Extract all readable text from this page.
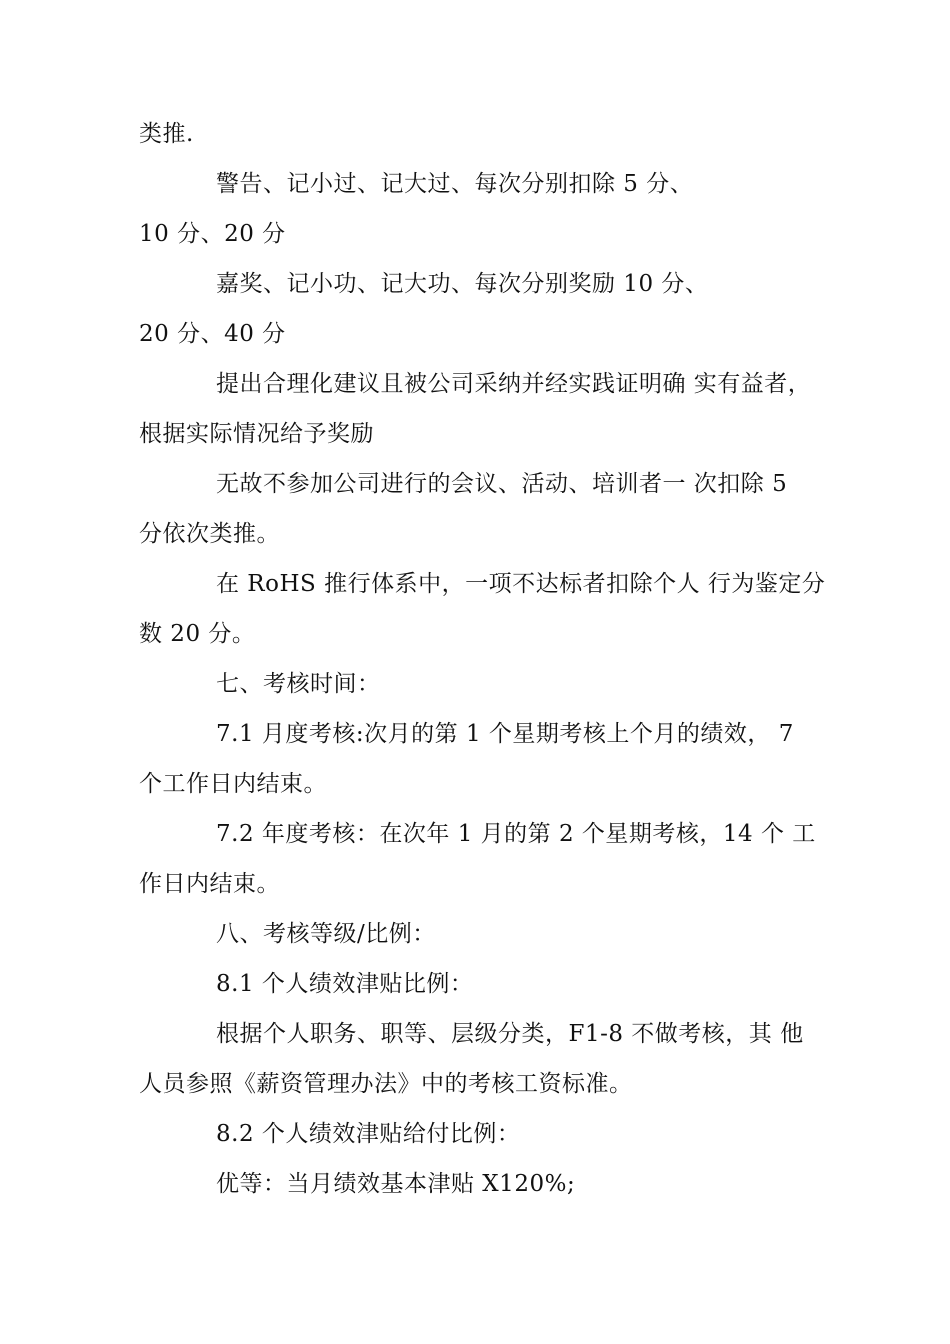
类推.
警告、记小过、记大过、每次分别扣除 5 分、
10 分、20 分
嘉奖、记小功、记大功、每次分别奖励 10 分、
20 分、40 分
提出合理化建议且被公司采纳并经实践证明确 实有益者，
根据实际情况给予奖励
无故不参加公司进行的会议、活动、培训者一 次扣除 5
分依次类推。
在 RoHS 推行体系中，一项不达标者扣除个人 行为鉴定分
数 20 分。
七、考核时间：
7.1 月度考核:次月的第 1 个星期考核上个月的绩效， 7
个工作日内结束。
7.2 年度考核：在次年 1 月的第 2 个星期考核，14 个 工
作日内结束。
八、考核等级/比例：
8.1 个人绩效津贴比例：
根据个人职务、职等、层级分类，F1-8 不做考核，其 他
人员参照《薪资管理办法》中的考核工资标准。
8.2 个人绩效津贴给付比例：
优等：当月绩效基本津贴 X120%;
